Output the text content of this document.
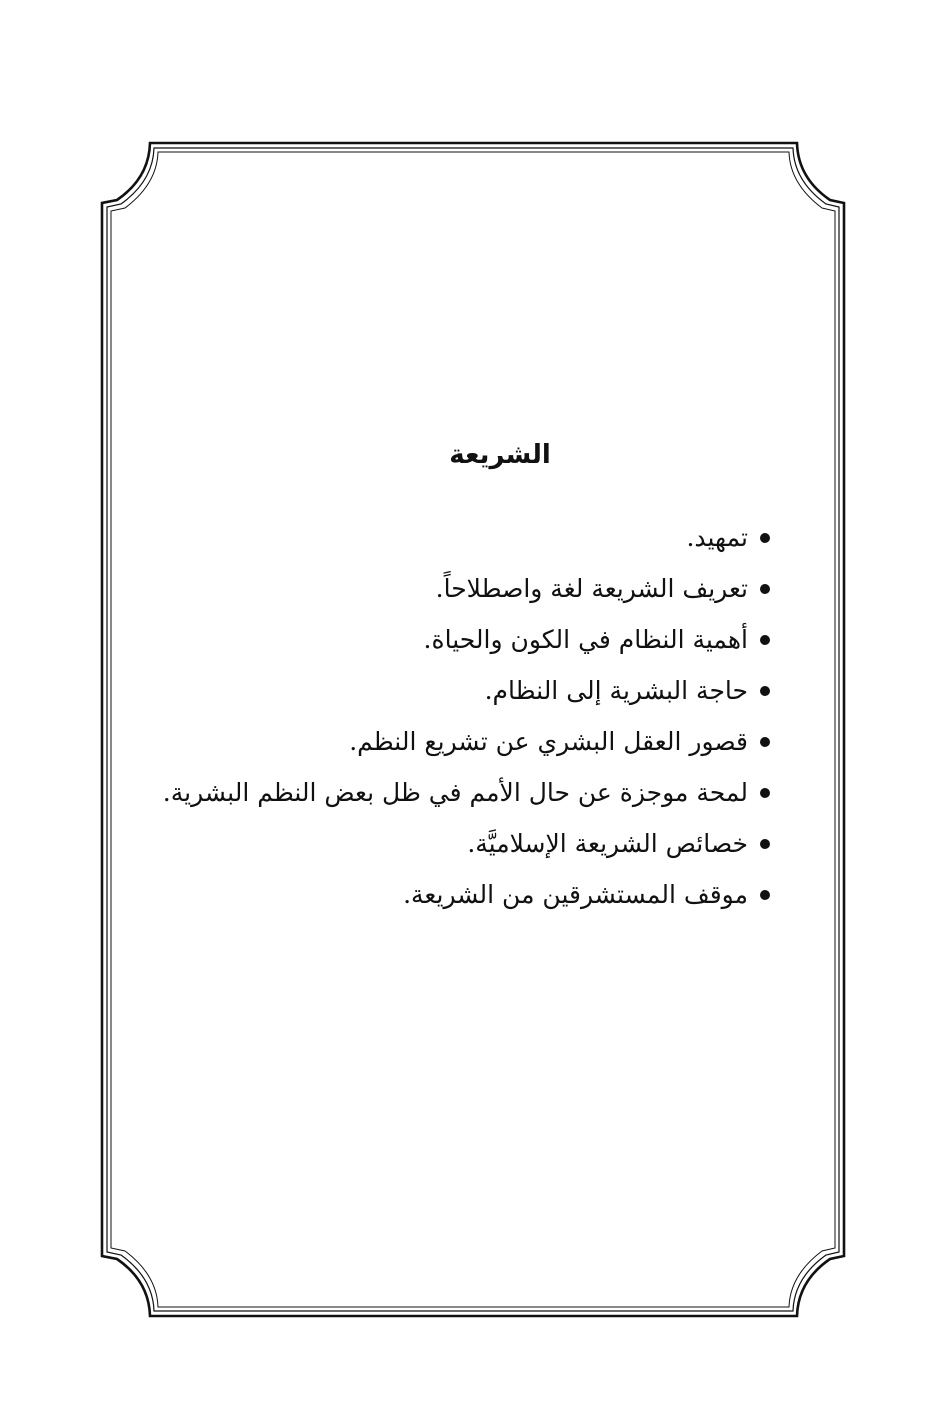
الشريعة
تمهيد.
تعريف الشريعة لغة واصطلاحاً.
أهمية النظام في الكون والحياة.
حاجة البشرية إلى النظام.
قصور العقل البشري عن تشريع النظم.
لمحة موجزة عن حال الأمم في ظل بعض النظم البشرية.
خصائص الشريعة الإسلاميَّة.
موقف المستشرقين من الشريعة.
